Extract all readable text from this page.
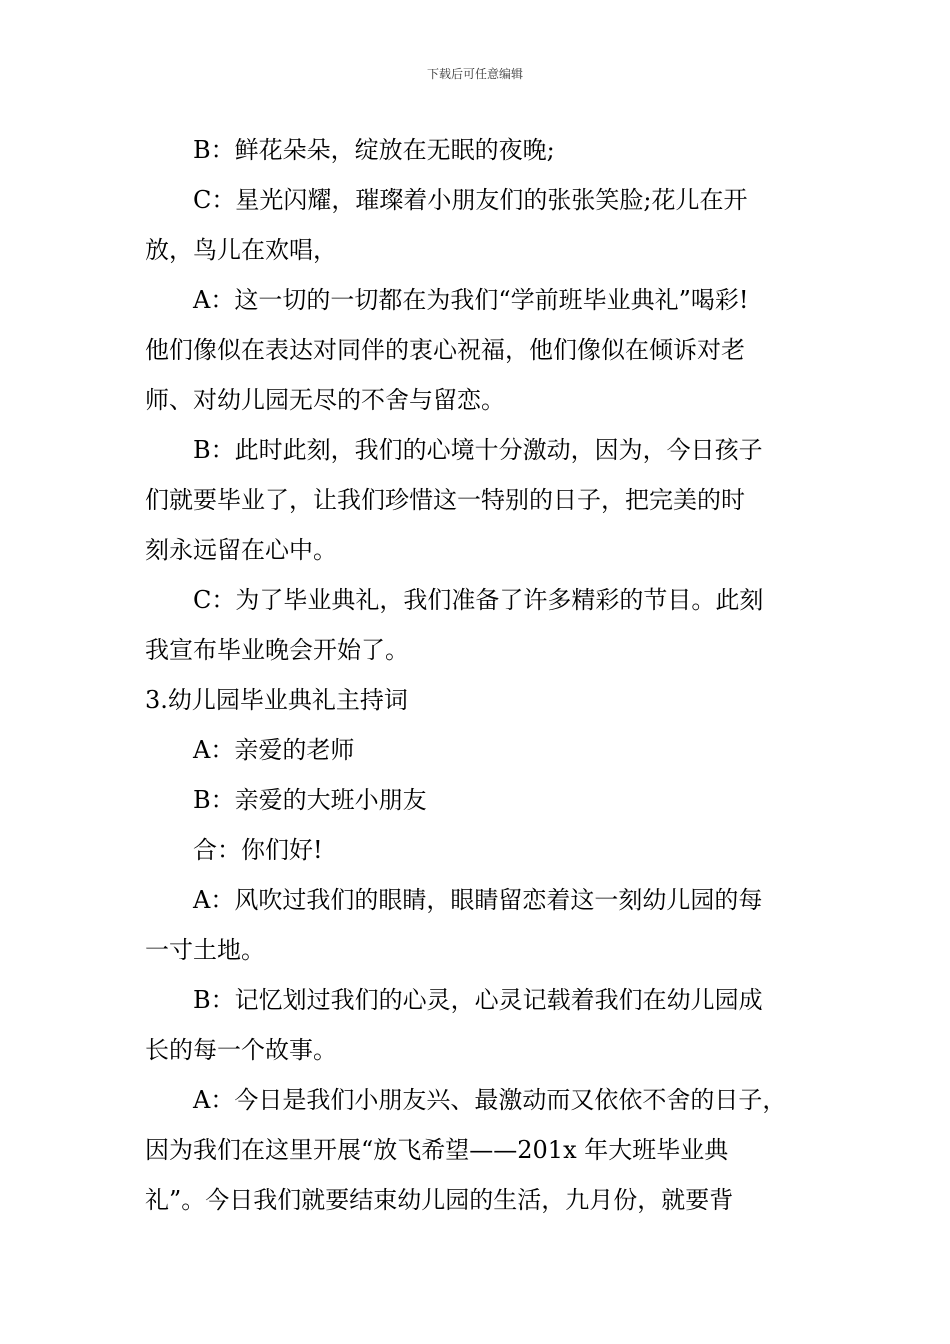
下载后可任意编辑
B：鲜花朵朵，绽放在无眠的夜晚;
C：星光闪耀，璀璨着小朋友们的张张笑脸;花儿在开
放，鸟儿在欢唱，
A：这一切的一切都在为我们“学前班毕业典礼”喝彩!
他们像似在表达对同伴的衷心祝福，他们像似在倾诉对老
师、对幼儿园无尽的不舍与留恋。
B：此时此刻，我们的心境十分激动，因为，今日孩子
们就要毕业了，让我们珍惜这一特别的日子，把完美的时
刻永远留在心中。
C：为了毕业典礼，我们准备了许多精彩的节目。此刻
我宣布毕业晚会开始了。
3.幼儿园毕业典礼主持词
A：亲爱的老师
B：亲爱的大班小朋友
合：你们好!
A：风吹过我们的眼睛，眼睛留恋着这一刻幼儿园的每
一寸土地。
B：记忆划过我们的心灵，心灵记载着我们在幼儿园成
长的每一个故事。
A：今日是我们小朋友兴、最激动而又依依不舍的日子，
因为我们在这里开展“放飞希望——201x 年大班毕业典
礼”。今日我们就要结束幼儿园的生活，九月份，就要背
